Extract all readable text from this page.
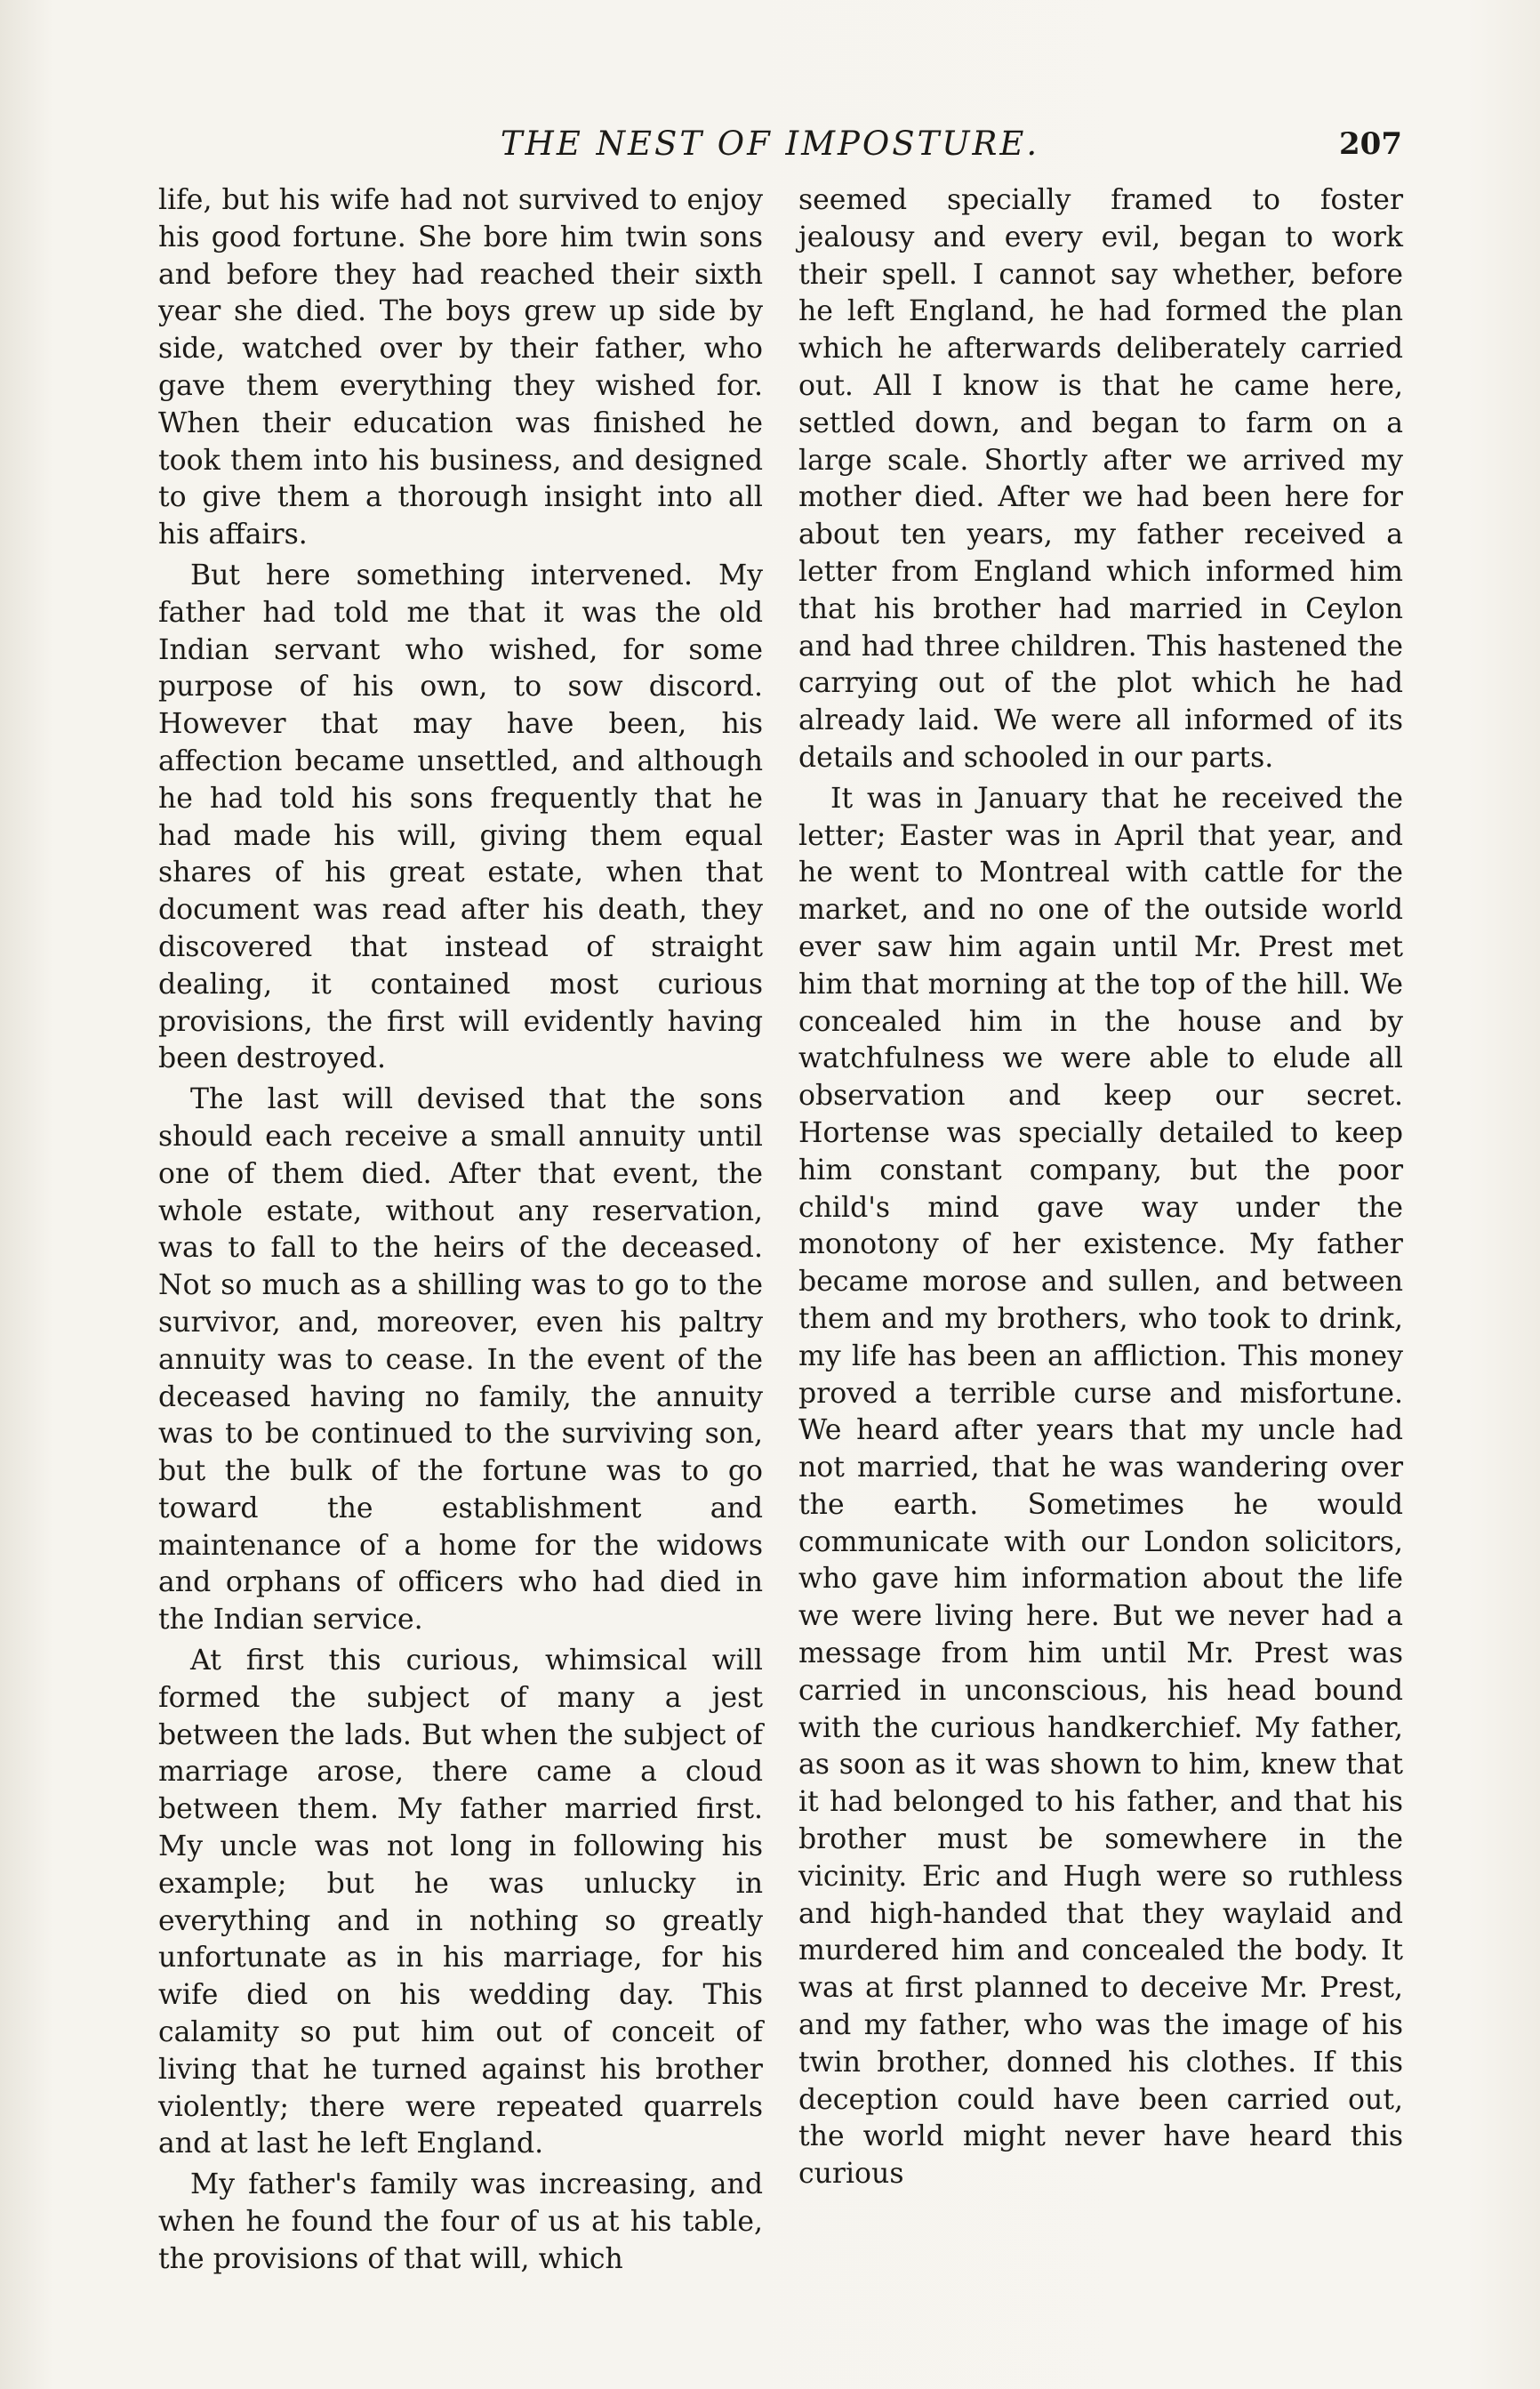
THE NEST OF IMPOSTURE.	207

life, but his wife had not survived to enjoy his good fortune. She bore him twin sons and before they had reached their sixth year she died. The boys grew up side by side, watched over by their father, who gave them everything they wished for. When their education was finished he took them into his business, and designed to give them a thorough insight into all his affairs.

But here something intervened. My father had told me that it was the old Indian servant who wished, for some purpose of his own, to sow discord. However that may have been, his affection became unsettled, and although he had told his sons frequently that he had made his will, giving them equal shares of his great estate, when that document was read after his death, they discovered that instead of straight dealing, it contained most curious provisions, the first will evidently having been destroyed.

The last will devised that the sons should each receive a small annuity until one of them died. After that event, the whole estate, without any reservation, was to fall to the heirs of the deceased. Not so much as a shilling was to go to the survivor, and, moreover, even his paltry annuity was to cease. In the event of the deceased having no family, the annuity was to be continued to the surviving son, but the bulk of the fortune was to go toward the establishment and maintenance of a home for the widows and orphans of officers who had died in the Indian service.

At first this curious, whimsical will formed the subject of many a jest between the lads. But when the subject of marriage arose, there came a cloud between them. My father married first. My uncle was not long in following his example; but he was unlucky in everything and in nothing so greatly unfortunate as in his marriage, for his wife died on his wedding day. This calamity so put him out of conceit of living that he turned against his brother violently; there were repeated quarrels and at last he left England.

My father's family was increasing, and when he found the four of us at his table, the provisions of that will, which

seemed specially framed to foster jealousy and every evil, began to work their spell. I cannot say whether, before he left England, he had formed the plan which he afterwards deliberately carried out. All I know is that he came here, settled down, and began to farm on a large scale. Shortly after we arrived my mother died. After we had been here for about ten years, my father received a letter from England which informed him that his brother had married in Ceylon and had three children. This hastened the carrying out of the plot which he had already laid. We were all informed of its details and schooled in our parts.

It was in January that he received the letter; Easter was in April that year, and he went to Montreal with cattle for the market, and no one of the outside world ever saw him again until Mr. Prest met him that morning at the top of the hill. We concealed him in the house and by watchfulness we were able to elude all observation and keep our secret. Hortense was specially detailed to keep him constant company, but the poor child's mind gave way under the monotony of her existence. My father became morose and sullen, and between them and my brothers, who took to drink, my life has been an affliction. This money proved a terrible curse and misfortune. We heard after years that my uncle had not married, that he was wandering over the earth. Sometimes he would communicate with our London solicitors, who gave him information about the life we were living here. But we never had a message from him until Mr. Prest was carried in unconscious, his head bound with the curious handkerchief. My father, as soon as it was shown to him, knew that it had belonged to his father, and that his brother must be somewhere in the vicinity. Eric and Hugh were so ruthless and high-handed that they waylaid and murdered him and concealed the body. It was at first planned to deceive Mr. Prest, and my father, who was the image of his twin brother, donned his clothes. If this deception could have been carried out, the world might never have heard this curious
